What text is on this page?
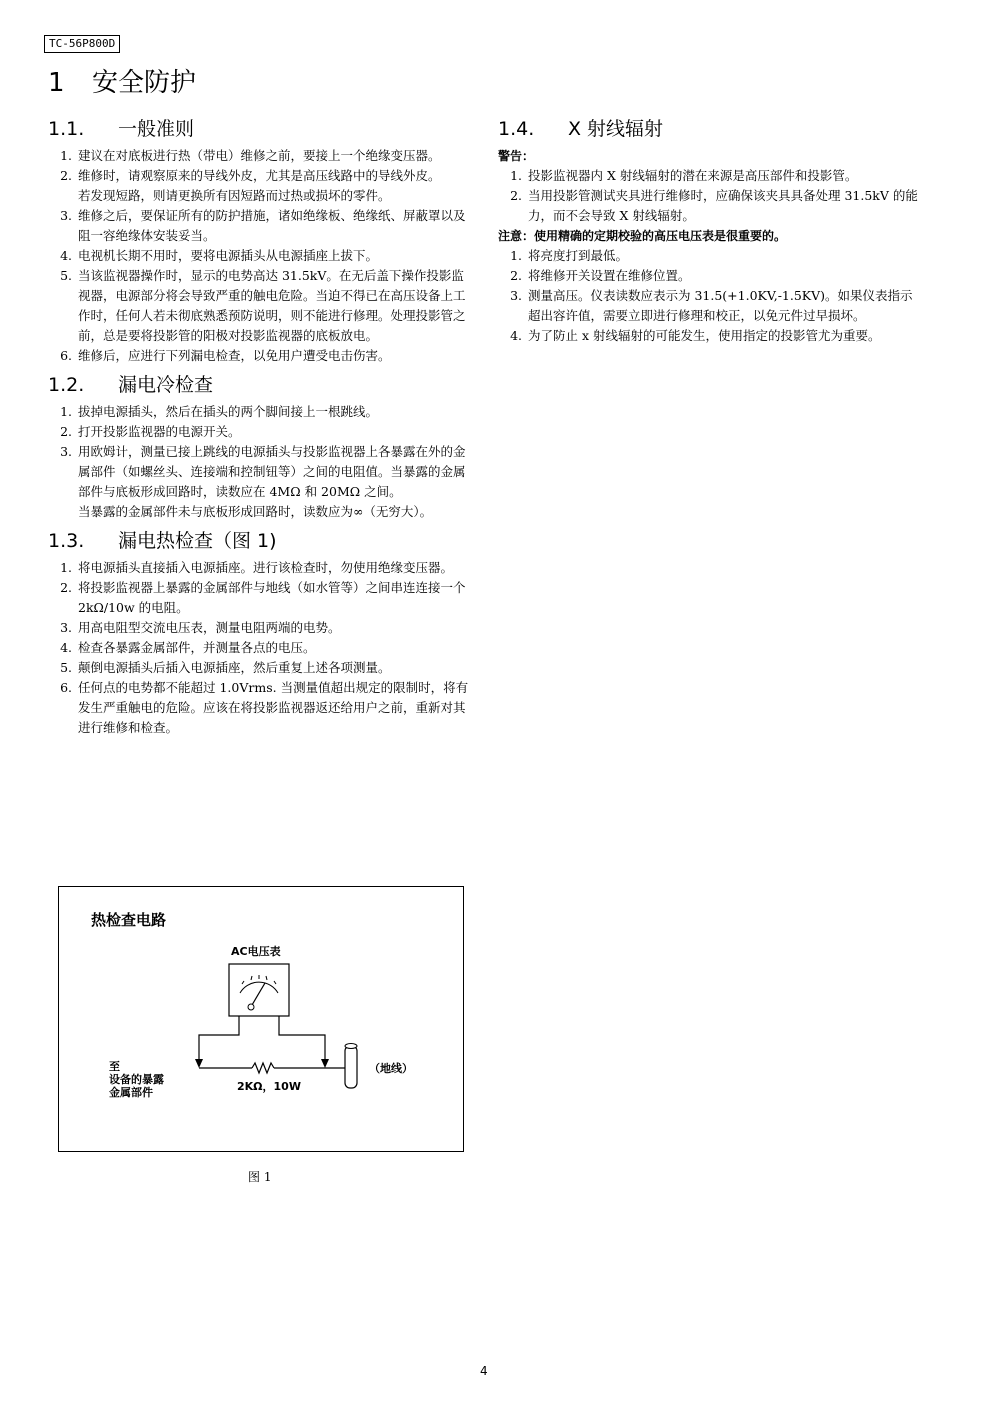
TC-56P800D
1 安全防护
1.1. 一般准则
1. 建议在对底板进行热（带电）维修之前，要接上一个绝缘变压器。
2. 维修时，请观察原来的导线外皮，尤其是高压线路中的导线外皮。
若发现短路，则请更换所有因短路而过热或损坏的零件。
3. 维修之后，要保证所有的防护措施，诸如绝缘板、绝缘纸、屏蔽罩以及阻一容绝缘体安装妥当。
4. 电视机长期不用时，要将电源插头从电源插座上拔下。
5. 当该监视器操作时，显示的电势高达 31.5kV。在无后盖下操作投影监视器，电源部分将会导致严重的触电危险。当迫不得已在高压设备上工作时，任何人若未彻底熟悉预防说明，则不能进行修理。处理投影管之前，总是要将投影管的阳极对投影监视器的底板放电。
6. 维修后，应进行下列漏电检查，以免用户遭受电击伤害。
1.2. 漏电冷检查
1. 拔掉电源插头，然后在插头的两个脚间接上一根跳线。
2. 打开投影监视器的电源开关。
3. 用欧姆计，测量已接上跳线的电源插头与投影监视器上各暴露在外的金属部件（如螺丝头、连接端和控制钮等）之间的电阻值。当暴露的金属部件与底板形成回路时，读数应在 4MΩ 和 20MΩ 之间。
当暴露的金属部件未与底板形成回路时，读数应为∞（无穷大）。
1.3. 漏电热检查（图 1)
1. 将电源插头直接插入电源插座。进行该检查时，勿使用绝缘变压器。
2. 将投影监视器上暴露的金属部件与地线（如水管等）之间串连连接一个 2kΩ/10w 的电阻。
3. 用高电阻型交流电压表，测量电阻两端的电势。
4. 检查各暴露金属部件，并测量各点的电压。
5. 颠倒电源插头后插入电源插座，然后重复上述各项测量。
6. 任何点的电势都不能超过 1.0Vrms. 当测量值超出规定的限制时，将有发生严重触电的危险。应该在将投影监视器返还给用户之前，重新对其进行维修和检查。
1.4. X 射线辐射
警告：
1. 投影监视器内 X 射线辐射的潜在来源是高压部件和投影管。
2. 当用投影管测试夹具进行维修时，应确保该夹具具备处理 31.5kV 的能力，而不会导致 X 射线辐射。
注意：使用精确的定期校验的高压电压表是很重要的。
1. 将亮度打到最低。
2. 将维修开关设置在维修位置。
3. 测量高压。仪表读数应表示为 31.5(+1.0KV,-1.5KV)。如果仪表指示超出容许值，需要立即进行修理和校正，以免元件过早损坏。
4. 为了防止 x 射线辐射的可能发生，使用指定的投影管尤为重要。
热检查电路
AC电压表
至
设备的暴露
金属部件	2KΩ，10W
（地线）
图 1
4
